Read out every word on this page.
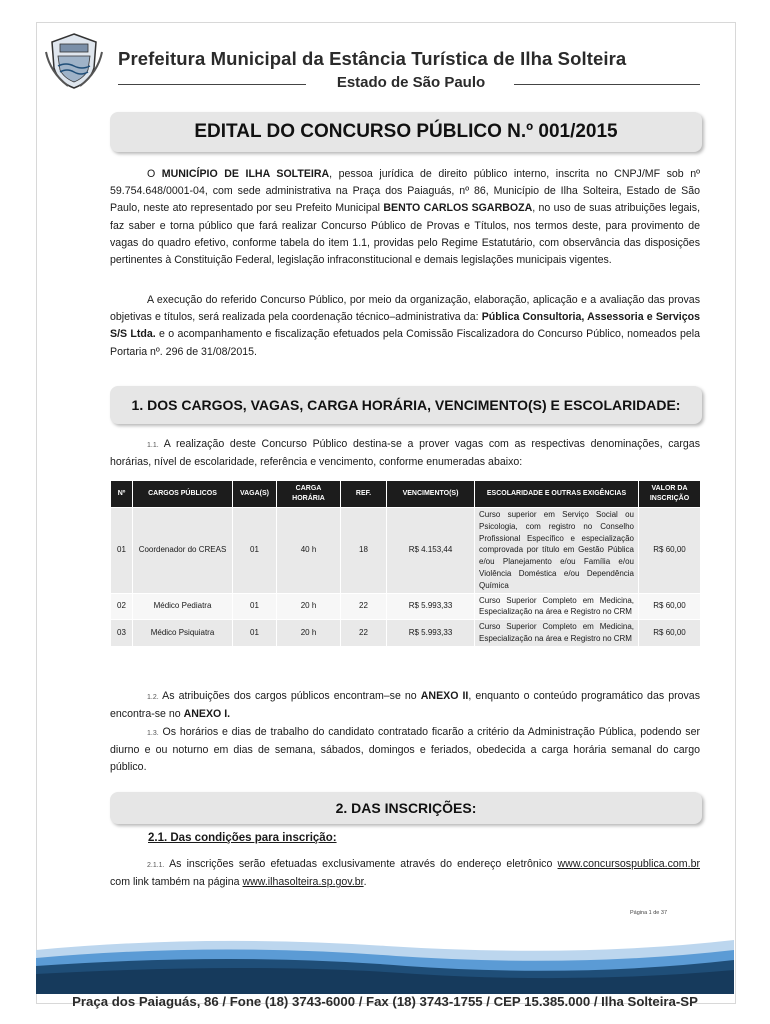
Prefeitura Municipal da Estância Turística de Ilha Solteira
Estado de São Paulo
EDITAL DO CONCURSO PÚBLICO N.º 001/2015
O MUNICÍPIO DE ILHA SOLTEIRA, pessoa jurídica de direito público interno, inscrita no CNPJ/MF sob nº 59.754.648/0001-04, com sede administrativa na Praça dos Paiaguás, nº 86, Município de Ilha Solteira, Estado de São Paulo, neste ato representado por seu Prefeito Municipal BENTO CARLOS SGARBOZA, no uso de suas atribuições legais, faz saber e torna público que fará realizar Concurso Público de Provas e Títulos, nos termos deste, para provimento de vagas do quadro efetivo, conforme tabela do item 1.1, providas pelo Regime Estatutário, com observância das disposições pertinentes à Constituição Federal, legislação infraconstitucional e demais legislações municipais vigentes.
A execução do referido Concurso Público, por meio da organização, elaboração, aplicação e a avaliação das provas objetivas e títulos, será realizada pela coordenação técnico–administrativa da: Pública Consultoria, Assessoria e Serviços S/S Ltda. e o acompanhamento e fiscalização efetuados pela Comissão Fiscalizadora do Concurso Público, nomeados pela Portaria nº. 296 de 31/08/2015.
1. DOS CARGOS, VAGAS, CARGA HORÁRIA, VENCIMENTO(S) E ESCOLARIDADE:
1.1. A realização deste Concurso Público destina-se a prover vagas com as respectivas denominações, cargas horárias, nível de escolaridade, referência e vencimento, conforme enumeradas abaixo:
Nº	CARGOS PÚBLICOS	VAGA(S)	CARGA HORÁRIA	REF.	VENCIMENTO(S)	ESCOLARIDADE E OUTRAS EXIGÊNCIAS	VALOR DA INSCRIÇÃO
01	Coordenador do CREAS	01	40 h	18	R$ 4.153,44	Curso superior em Serviço Social ou Psicologia, com registro no Conselho Profissional Específico e especialização comprovada por título em Gestão Pública e/ou Planejamento e/ou Família e/ou Violência Doméstica e/ou Dependência Química	R$ 60,00
02	Médico Pediatra	01	20 h	22	R$ 5.993,33	Curso Superior Completo em Medicina, Especialização na área e Registro no CRM	R$ 60,00
03	Médico Psiquiatra	01	20 h	22	R$ 5.993,33	Curso Superior Completo em Medicina, Especialização na área e Registro no CRM	R$ 60,00
1.2. As atribuições dos cargos públicos encontram–se no ANEXO II, enquanto o conteúdo programático das provas encontra-se no ANEXO I.
1.3. Os horários e dias de trabalho do candidato contratado ficarão a critério da Administração Pública, podendo ser diurno e ou noturno em dias de semana, sábados, domingos e feriados, obedecida a carga horária semanal do cargo público.
2. DAS INSCRIÇÕES:
2.1. Das condições para inscrição:
2.1.1. As inscrições serão efetuadas exclusivamente através do endereço eletrônico www.concursospublica.com.br com link também na página www.ilhasolteira.sp.gov.br.
Página 1 de 37
Praça dos Paiaguás, 86 / Fone (18) 3743-6000 / Fax (18) 3743-1755 / CEP 15.385.000 / Ilha Solteira-SP
